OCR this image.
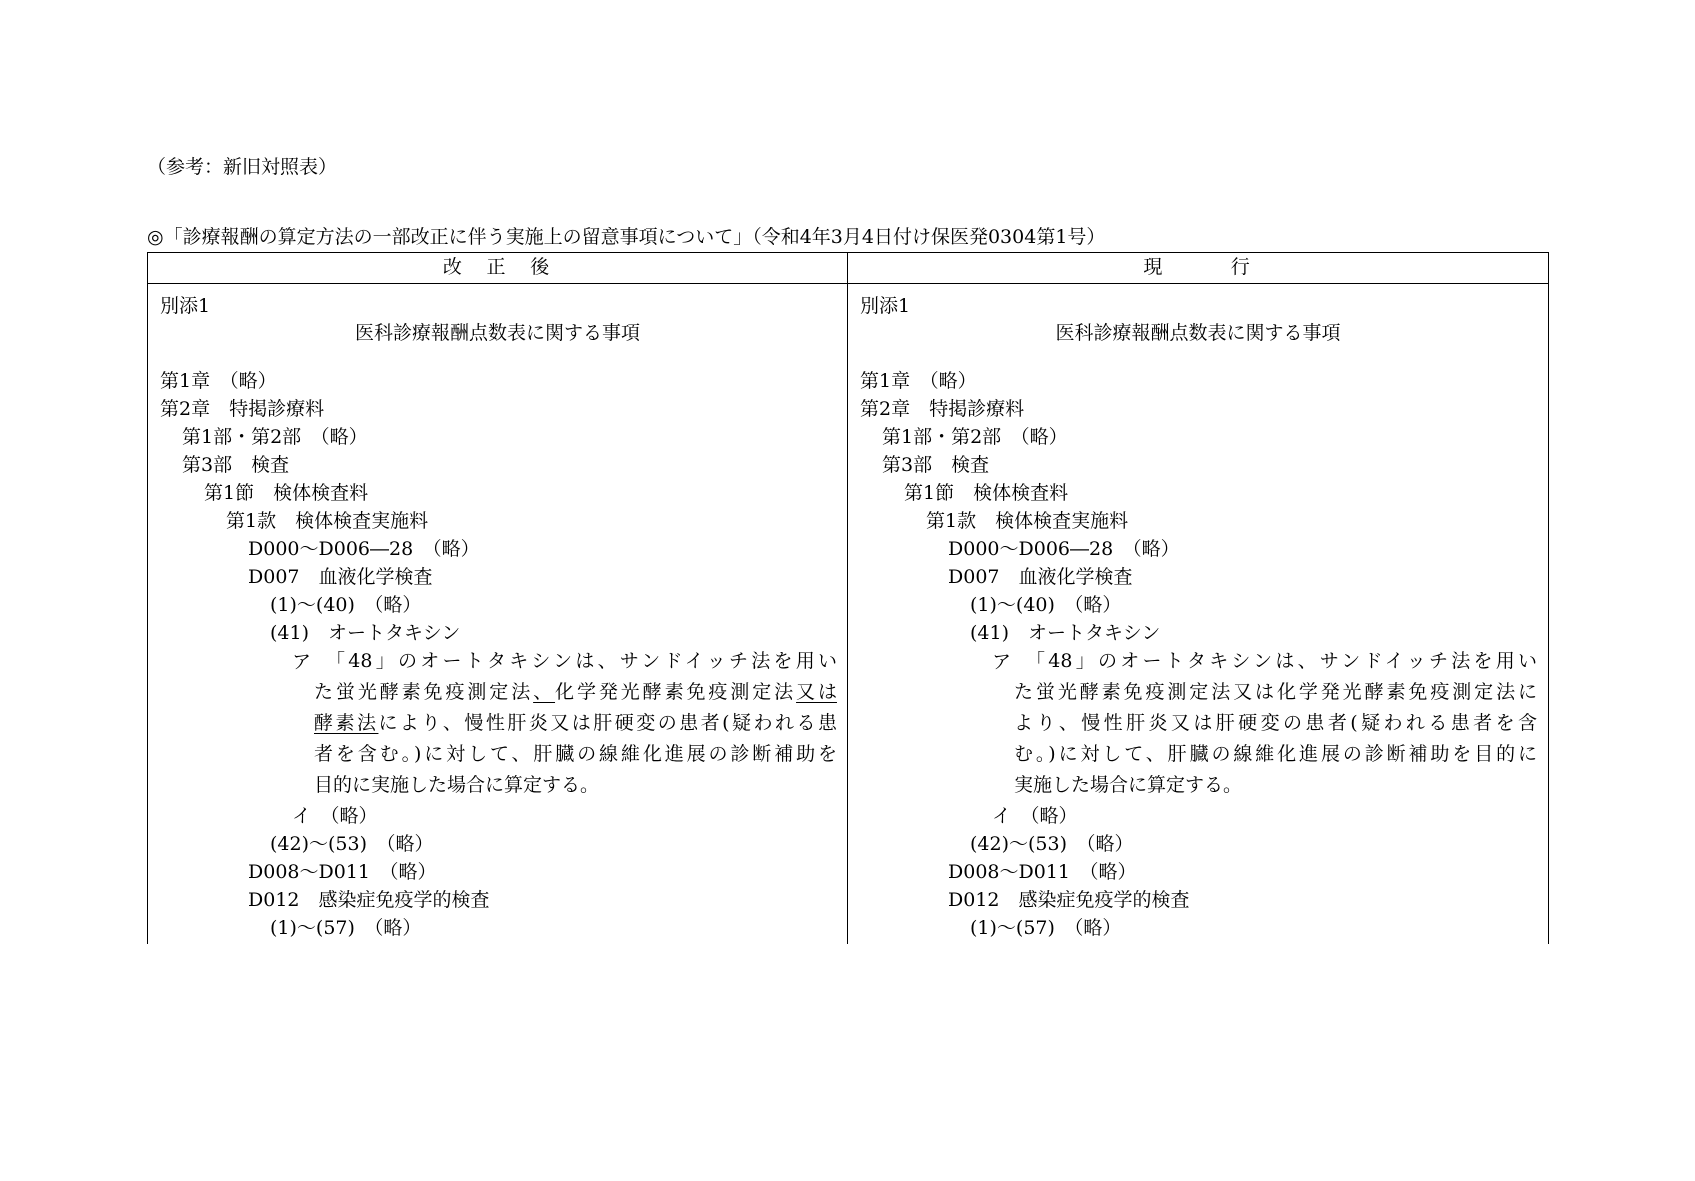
（参考：新旧対照表）
◎「診療報酬の算定方法の一部改正に伴う実施上の留意事項について」（令和4年3月4日付け保医発0304第1号）
改　正　後
別添1
医科診療報酬点数表に関する事項
第1章　（略）
第2章　特掲診療料
第1部・第2部　（略）
第3部　検査
第1節　検体検査料
第1款　検体検査実施料
D000～D006―28　（略）
D007　血液化学検査
(1)～(40)　（略）
(41)　オートタキシン
ア 「48」のオートタキシンは、サンドイッチ法を用い
た蛍光酵素免疫測定法、化学発光酵素免疫測定法又は
酵素法により、慢性肝炎又は肝硬変の患者(疑われる患
者を含む。)に対して、肝臓の線維化進展の診断補助を
目的に実施した場合に算定する。
イ　（略）
(42)～(53)　（略）
D008～D011　（略）
D012　感染症免疫学的検査
(1)～(57)　（略）
現　　　行
別添1
医科診療報酬点数表に関する事項
第1章　（略）
第2章　特掲診療料
第1部・第2部　（略）
第3部　検査
第1節　検体検査料
第1款　検体検査実施料
D000～D006―28　（略）
D007　血液化学検査
(1)～(40)　（略）
(41)　オートタキシン
ア 「48」のオートタキシンは、サンドイッチ法を用い
た蛍光酵素免疫測定法又は化学発光酵素免疫測定法に
より、慢性肝炎又は肝硬変の患者(疑われる患者を含
む。)に対して、肝臓の線維化進展の診断補助を目的に
実施した場合に算定する。
イ　（略）
(42)～(53)　（略）
D008～D011　（略）
D012　感染症免疫学的検査
(1)～(57)　（略）
